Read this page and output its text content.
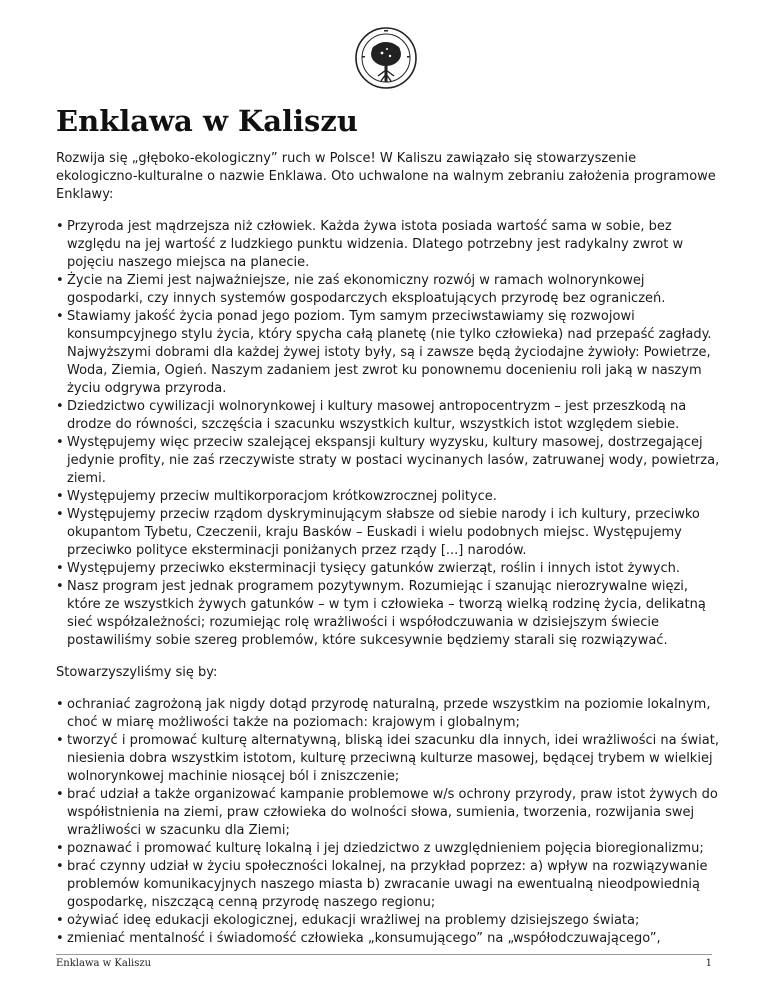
Enklawa w Kaliszu

Rozwija się „głęboko-ekologiczny” ruch w Polsce! W Kaliszu zawiązało się stowarzyszenie ekologiczno-kulturalne o nazwie Enklawa. Oto uchwalone na walnym zebraniu założenia programowe Enklawy:

• Przyroda jest mądrzejsza niż człowiek. Każda żywa istota posiada wartość sama w sobie, bez względu na jej wartość z ludzkiego punktu widzenia. Dlatego potrzebny jest radykalny zwrot w pojęciu naszego miejsca na planecie.
• Życie na Ziemi jest najważniejsze, nie zaś ekonomiczny rozwój w ramach wolnorynkowej gospodarki, czy innych systemów gospodarczych eksploatujących przyrodę bez ograniczeń.
• Stawiamy jakość życia ponad jego poziom. Tym samym przeciwstawiamy się rozwojowi konsumpcyjnego stylu życia, który spycha całą planetę (nie tylko człowieka) nad przepaść zagłady. Najwyższymi dobrami dla każdej żywej istoty były, są i zawsze będą życiodajne żywioły: Powietrze, Woda, Ziemia, Ogień. Naszym zadaniem jest zwrot ku ponownemu docenieniu roli jaką w naszym życiu odgrywa przyroda.
• Dziedzictwo cywilizacji wolnorynkowej i kultury masowej antropocentryzm – jest przeszkodą na drodze do równości, szczęścia i szacunku wszystkich kultur, wszystkich istot względem siebie.
• Występujemy więc przeciw szalejącej ekspansji kultury wyzysku, kultury masowej, dostrzegającej jedynie profity, nie zaś rzeczywiste straty w postaci wycinanych lasów, zatruwanej wody, powietrza, ziemi.
• Występujemy przeciw multikorporacjom krótkowzrocznej polityce.
• Występujemy przeciw rządom dyskryminującym słabsze od siebie narody i ich kultury, przeciwko okupantom Tybetu, Czeczenii, kraju Basków – Euskadi i wielu podobnych miejsc. Występujemy przeciwko polityce eksterminacji poniżanych przez rządy [...] narodów.
• Występujemy przeciwko eksterminacji tysięcy gatunków zwierząt, roślin i innych istot żywych.
• Nasz program jest jednak programem pozytywnym. Rozumiejąc i szanując nierozrywalne więzi, które ze wszystkich żywych gatunków – w tym i człowieka – tworzą wielką rodzinę życia, delikatną sieć współzależności; rozumiejąc rolę wrażliwości i współodczuwania w dzisiejszym świecie postawiliśmy sobie szereg problemów, które sukcesywnie będziemy starali się rozwiązywać.

Stowarzyszyliśmy się by:

• ochraniać zagrożoną jak nigdy dotąd przyrodę naturalną, przede wszystkim na poziomie lokalnym, choć w miarę możliwości także na poziomach: krajowym i globalnym;
• tworzyć i promować kulturę alternatywną, bliską idei szacunku dla innych, idei wrażliwości na świat, niesienia dobra wszystkim istotom, kulturę przeciwną kulturze masowej, będącej trybem w wielkiej wolnorynkowej machinie niosącej ból i zniszczenie;
• brać udział a także organizować kampanie problemowe w/s ochrony przyrody, praw istot żywych do współistnienia na ziemi, praw człowieka do wolności słowa, sumienia, tworzenia, rozwijania swej wrażliwości w szacunku dla Ziemi;
• poznawać i promować kulturę lokalną i jej dziedzictwo z uwzględnieniem pojęcia bioregionalizmu;
• brać czynny udział w życiu społeczności lokalnej, na przykład poprzez: a) wpływ na rozwiązywanie problemów komunikacyjnych naszego miasta b) zwracanie uwagi na ewentualną nieodpowiednią gospodarkę, niszczącą cenną przyrodę naszego regionu;
• ożywiać ideę edukacji ekologicznej, edukacji wrażliwej na problemy dzisiejszego świata;
• zmieniać mentalność i świadomość człowieka „konsumującego” na „współodczuwającego”,
Enklawa w Kaliszu	1
